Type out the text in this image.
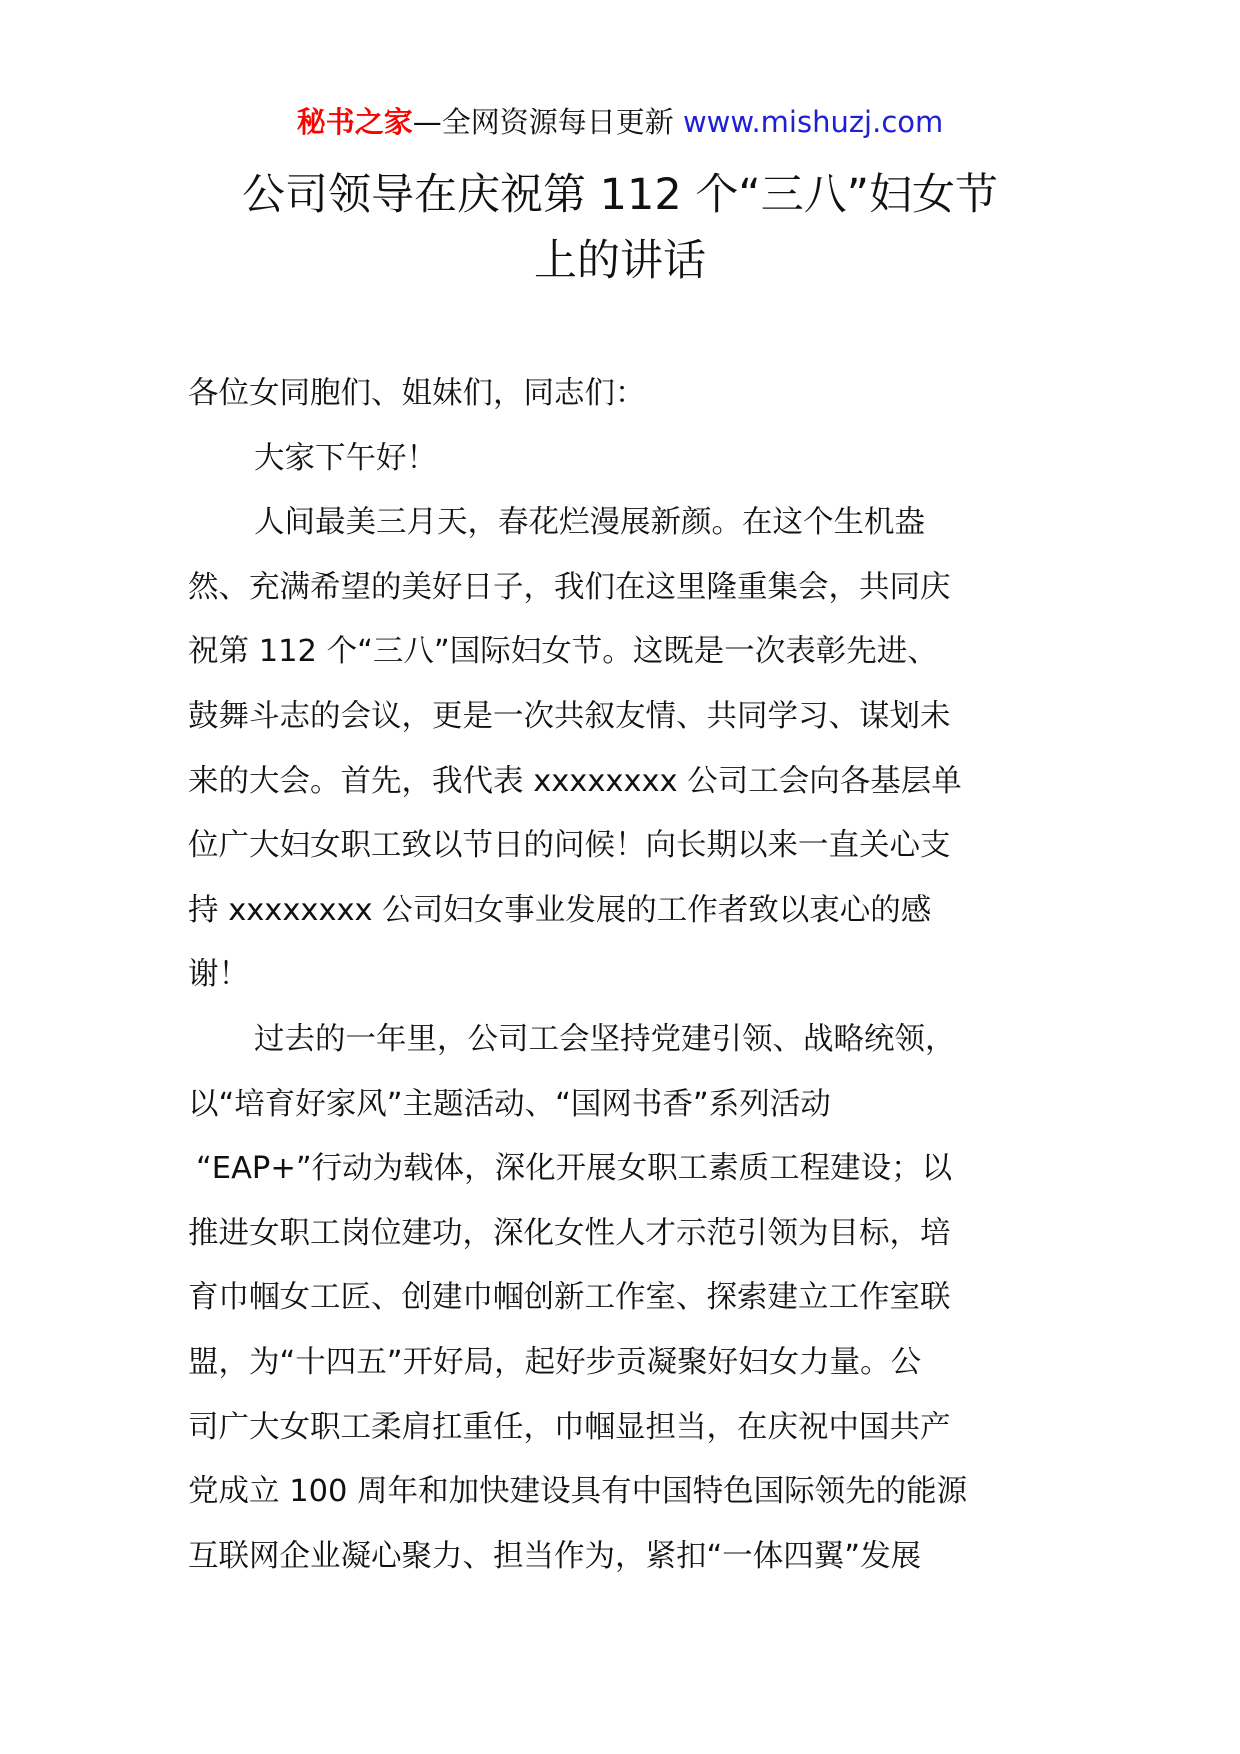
秘书之家—全网资源每日更新 www.mishuzj.com
公司领导在庆祝第 112 个“三八”妇女节
上的讲话
各位女同胞们、姐妹们，同志们：
大家下午好！
人间最美三月天，春花烂漫展新颜。在这个生机盎
然、充满希望的美好日子，我们在这里隆重集会，共同庆
祝第 112 个“三八”国际妇女节。这既是一次表彰先进、
鼓舞斗志的会议，更是一次共叙友情、共同学习、谋划未
来的大会。首先，我代表 xxxxxxxx 公司工会向各基层单
位广大妇女职工致以节日的问候！向长期以来一直关心支
持 xxxxxxxx 公司妇女事业发展的工作者致以衷心的感
谢！
过去的一年里，公司工会坚持党建引领、战略统领，
以“培育好家风”主题活动、“国网书香”系列活动
“EAP+”行动为载体，深化开展女职工素质工程建设；以
推进女职工岗位建功，深化女性人才示范引领为目标，培
育巾帼女工匠、创建巾帼创新工作室、探索建立工作室联
盟，为“十四五”开好局，起好步贡凝聚好妇女力量。公
司广大女职工柔肩扛重任，巾帼显担当，在庆祝中国共产
党成立 100 周年和加快建设具有中国特色国际领先的能源
互联网企业凝心聚力、担当作为，紧扣“一体四翼”发展
